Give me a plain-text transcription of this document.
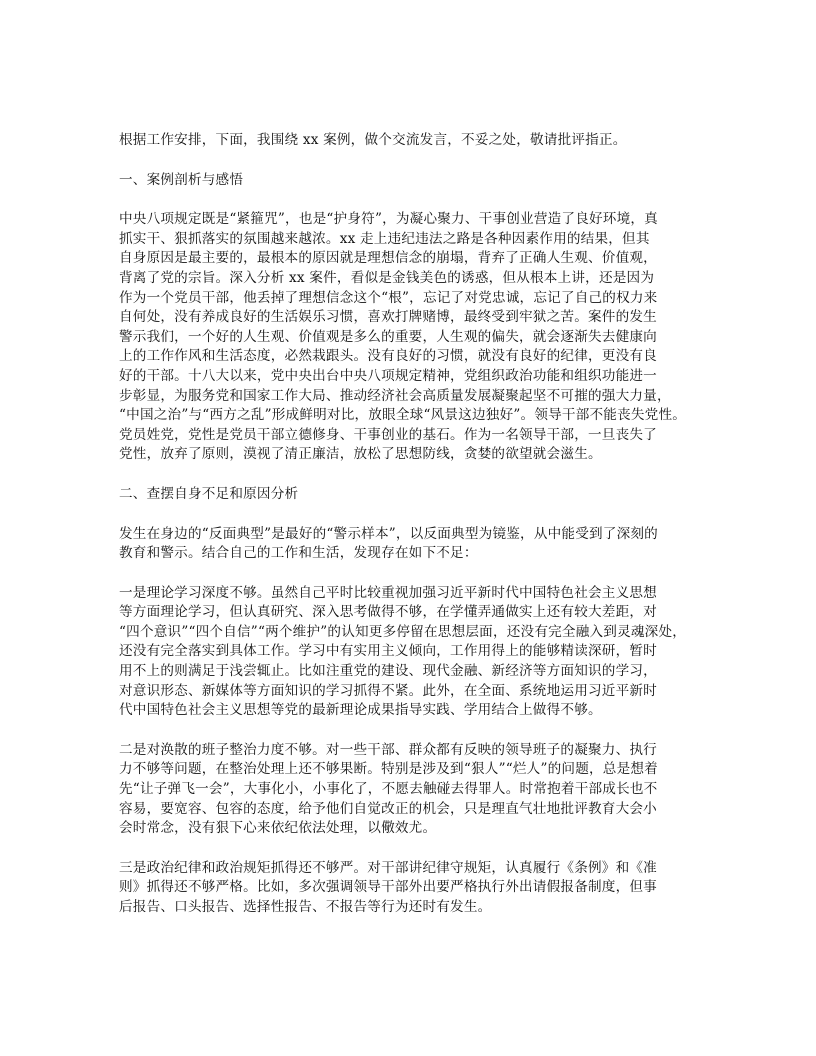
根据工作安排，下面，我围绕 xx 案例，做个交流发言，不妥之处，敬请批评指正。
一、案例剖析与感悟
中央八项规定既是“紧箍咒”，也是“护身符”，为凝心聚力、干事创业营造了良好环境，真
抓实干、狠抓落实的氛围越来越浓。xx 走上违纪违法之路是各种因素作用的结果，但其
自身原因是最主要的，最根本的原因就是理想信念的崩塌，背弃了正确人生观、价值观，
背离了党的宗旨。深入分析 xx 案件，看似是金钱美色的诱惑，但从根本上讲，还是因为
作为一个党员干部，他丢掉了理想信念这个“根”，忘记了对党忠诚，忘记了自己的权力来
自何处，没有养成良好的生活娱乐习惯，喜欢打牌赌博，最终受到牢狱之苦。案件的发生
警示我们，一个好的人生观、价值观是多么的重要，人生观的偏失，就会逐渐失去健康向
上的工作作风和生活态度，必然栽跟头。没有良好的习惯，就没有良好的纪律，更没有良
好的干部。十八大以来，党中央出台中央八项规定精神，党组织政治功能和组织功能进一
步彰显，为服务党和国家工作大局、推动经济社会高质量发展凝聚起坚不可摧的强大力量，
“中国之治”与“西方之乱”形成鲜明对比，放眼全球“风景这边独好”。领导干部不能丧失党性。
党员姓党，党性是党员干部立德修身、干事创业的基石。作为一名领导干部，一旦丧失了
党性，放弃了原则，漠视了清正廉洁，放松了思想防线，贪婪的欲望就会滋生。
二、查摆自身不足和原因分析
发生在身边的“反面典型”是最好的“警示样本”，以反面典型为镜鉴，从中能受到了深刻的
教育和警示。结合自己的工作和生活，发现存在如下不足：
一是理论学习深度不够。虽然自己平时比较重视加强习近平新时代中国特色社会主义思想
等方面理论学习，但认真研究、深入思考做得不够，在学懂弄通做实上还有较大差距，对
“四个意识”“四个自信”“两个维护”的认知更多停留在思想层面，还没有完全融入到灵魂深处，
还没有完全落实到具体工作。学习中有实用主义倾向，工作用得上的能够精读深研，暂时
用不上的则满足于浅尝辄止。比如注重党的建设、现代金融、新经济等方面知识的学习，
对意识形态、新媒体等方面知识的学习抓得不紧。此外，在全面、系统地运用习近平新时
代中国特色社会主义思想等党的最新理论成果指导实践、学用结合上做得不够。
二是对涣散的班子整治力度不够。对一些干部、群众都有反映的领导班子的凝聚力、执行
力不够等问题，在整治处理上还不够果断。特别是涉及到“狠人”“烂人”的问题，总是想着
先“让子弹飞一会”，大事化小，小事化了，不愿去触碰去得罪人。时常抱着干部成长也不
容易，要宽容、包容的态度，给予他们自觉改正的机会，只是理直气壮地批评教育大会小
会时常念，没有狠下心来依纪依法处理，以儆效尤。
三是政治纪律和政治规矩抓得还不够严。对干部讲纪律守规矩，认真履行《条例》和《准
则》抓得还不够严格。比如，多次强调领导干部外出要严格执行外出请假报备制度，但事
后报告、口头报告、选择性报告、不报告等行为还时有发生。
